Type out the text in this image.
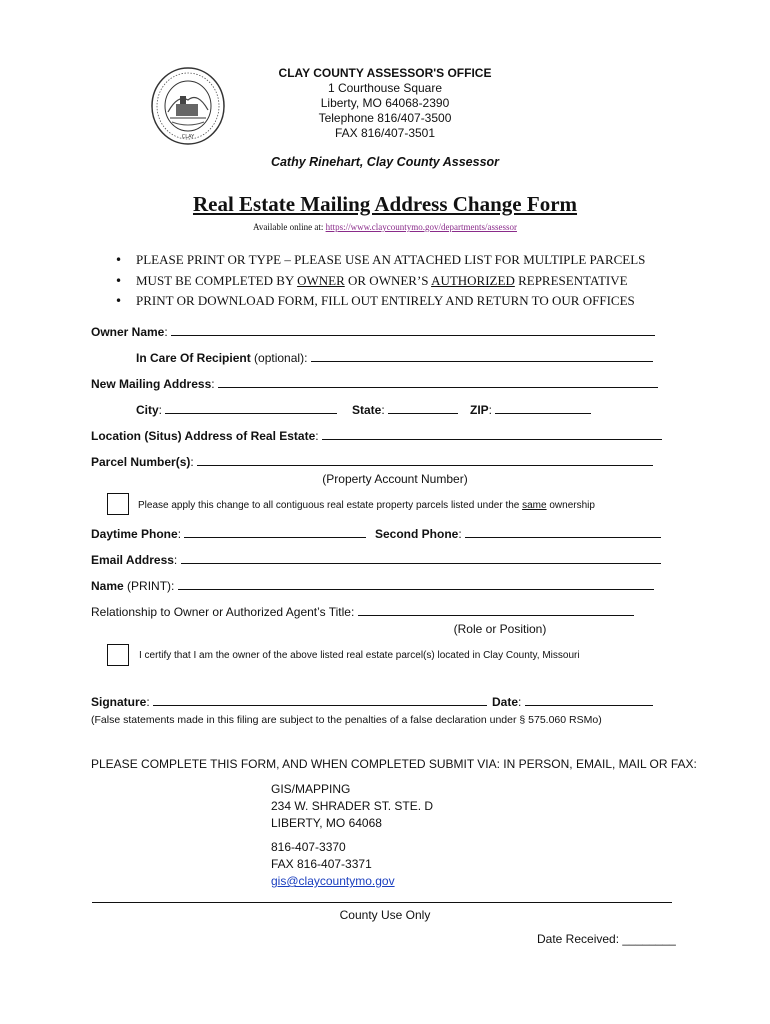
CLAY
CLAY COUNTY ASSESSOR'S OFFICE
1 Courthouse Square
Liberty, MO 64068-2390
Telephone 816/407-3500
FAX 816/407-3501
Cathy Rinehart, Clay County Assessor
Real Estate Mailing Address Change Form
Available online at: https://www.claycountymo.gov/departments/assessor
• PLEASE PRINT OR TYPE – PLEASE USE AN ATTACHED LIST FOR MULTIPLE PARCELS
• MUST BE COMPLETED BY OWNER OR OWNER’S AUTHORIZED REPRESENTATIVE
• PRINT OR DOWNLOAD FORM, FILL OUT ENTIRELY AND RETURN TO OUR OFFICES
Owner Name:
In Care Of Recipient (optional):
New Mailing Address:
City:	State:	ZIP:
Location (Situs) Address of Real Estate:
Parcel Number(s):
(Property Account Number)
Please apply this change to all contiguous real estate property parcels listed under the same ownership
Daytime Phone:	Second Phone:
Email Address:
Name (PRINT):
Relationship to Owner or Authorized Agent’s Title:
(Role or Position)
I certify that I am the owner of the above listed real estate parcel(s) located in Clay County, Missouri
Signature:	Date:
(False statements made in this filing are subject to the penalties of a false declaration under § 575.060 RSMo)
PLEASE COMPLETE THIS FORM, AND WHEN COMPLETED SUBMIT VIA: IN PERSON, EMAIL, MAIL OR FAX:
GIS/MAPPING
234 W. SHRADER ST. STE. D
LIBERTY, MO 64068
816-407-3370
FAX 816-407-3371
gis@claycountymo.gov
County Use Only
Date Received: ________
